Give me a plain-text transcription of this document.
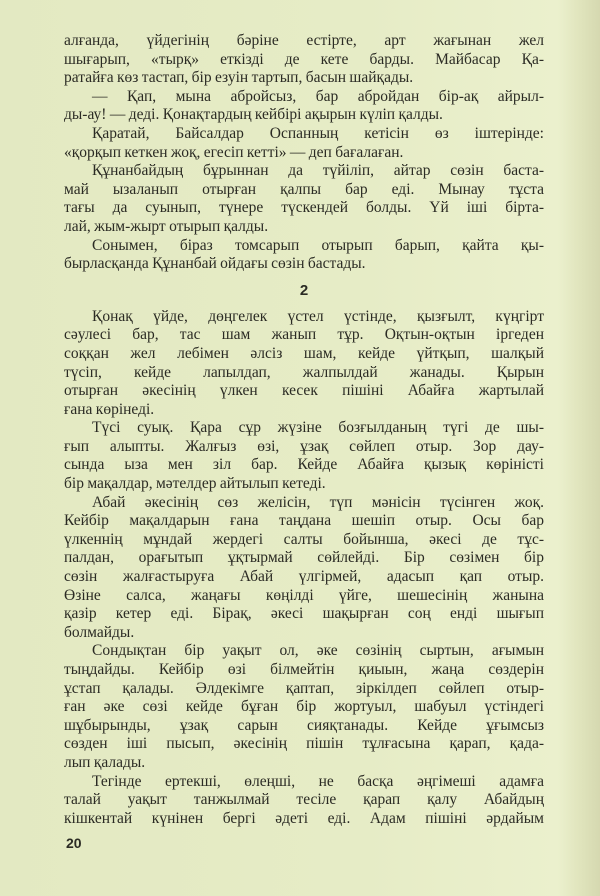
алғанда, үйдегінің бәрінe естірте, арт жағынан жел
шығарып, «тырқ» еткізді де кете барды. Майбасар Қа-
ратайға көз тастап, бір езуін тартып, басын шайқады.
— Қап, мына абройсыз, бар абройдан бір-ақ айрыл-
ды-ау! — деді. Қонақтардың кейбірі ақырын күліп қалды.
Қаратай, Байсалдар Оспанның кетісін өз іштерінде:
«қорқып кеткен жоқ, егесіп кетті» — деп бағалаған.
Құнанбайдың бұрыннан да түйіліп, айтар сөзін баста-
май ызаланып отырған қалпы бар еді. Мынау тұста
тағы да суынып, түнере түскендей болды. Үй іші бірта-
лай, жым-жырт отырып қалды.
Сонымен, біраз томсарып отырып барып, қайта қы-
бырласқанда Құнанбай ойдағы сөзін бастады.
2
Қонақ үйде, дөңгелек үстел үстінде, қызғылт, күңгірт
сәулесі бар, тас шам жанып тұр. Оқтын-оқтын іргеден
соққан жел лебімен әлсіз шам, кейде үйтқып, шалқый
түсіп, кейде лапылдап, жалпылдай жанады. Қырын
отырған әкесінің үлкен кесек пішіні Абайға жартылай
ғана көрінеді.
Түсі суық. Қара сұр жүзіне бозғылданың түгі де шы-
ғып алыпты. Жалғыз өзі, ұзақ сөйлеп отыр. Зор дау-
сында ыза мен зіл бар. Кейде Абайға қызық көріністі
бір мақалдар, мәтелдер айтылып кетеді.
Абай әкесінің сөз желісін, түп мәнісін түсінген жоқ.
Кейбір мақалдарын ғана таңдана шешіп отыр. Осы бар
үлкеннің мұндай жердегі салты бойынша, әкесі де тұс-
палдан, орағытып ұқтырмай сөйлейді. Бір сөзімен бір
сөзін жалғастыруға Абай үлгірмей, адасып қап отыр.
Өзіне салса, жаңағы көңілді үйге, шешесінің жанына
қазір кетер еді. Бірақ, әкесі шақырған соң енді шығып
болмайды.
Сондықтан бір уақыт ол, әке сөзінің сыртын, ағымын
тыңдайды. Кейбір өзі білмейтін қиыын, жаңа сөздерін
ұстап қалады. Әлдекімге қаптап, зіркілдеп сөйлеп отыр-
ған әке сөзі кейде бұған бір жортуыл, шабуыл үстіндегі
шұбырынды, ұзақ сарын сияқтанады. Кейде ұғымсыз
сөзден іші пысып, әкесінің пішін тұлғасына қарап, қада-
лып қалады.
Тегінде ертекші, өлеңші, не басқа әңгімеші адамға
талай уақыт танжылмай тесіле қарап қалу Абайдың
кішкентай күнінен бергі әдеті еді. Адам пішіні әрдайым
20
